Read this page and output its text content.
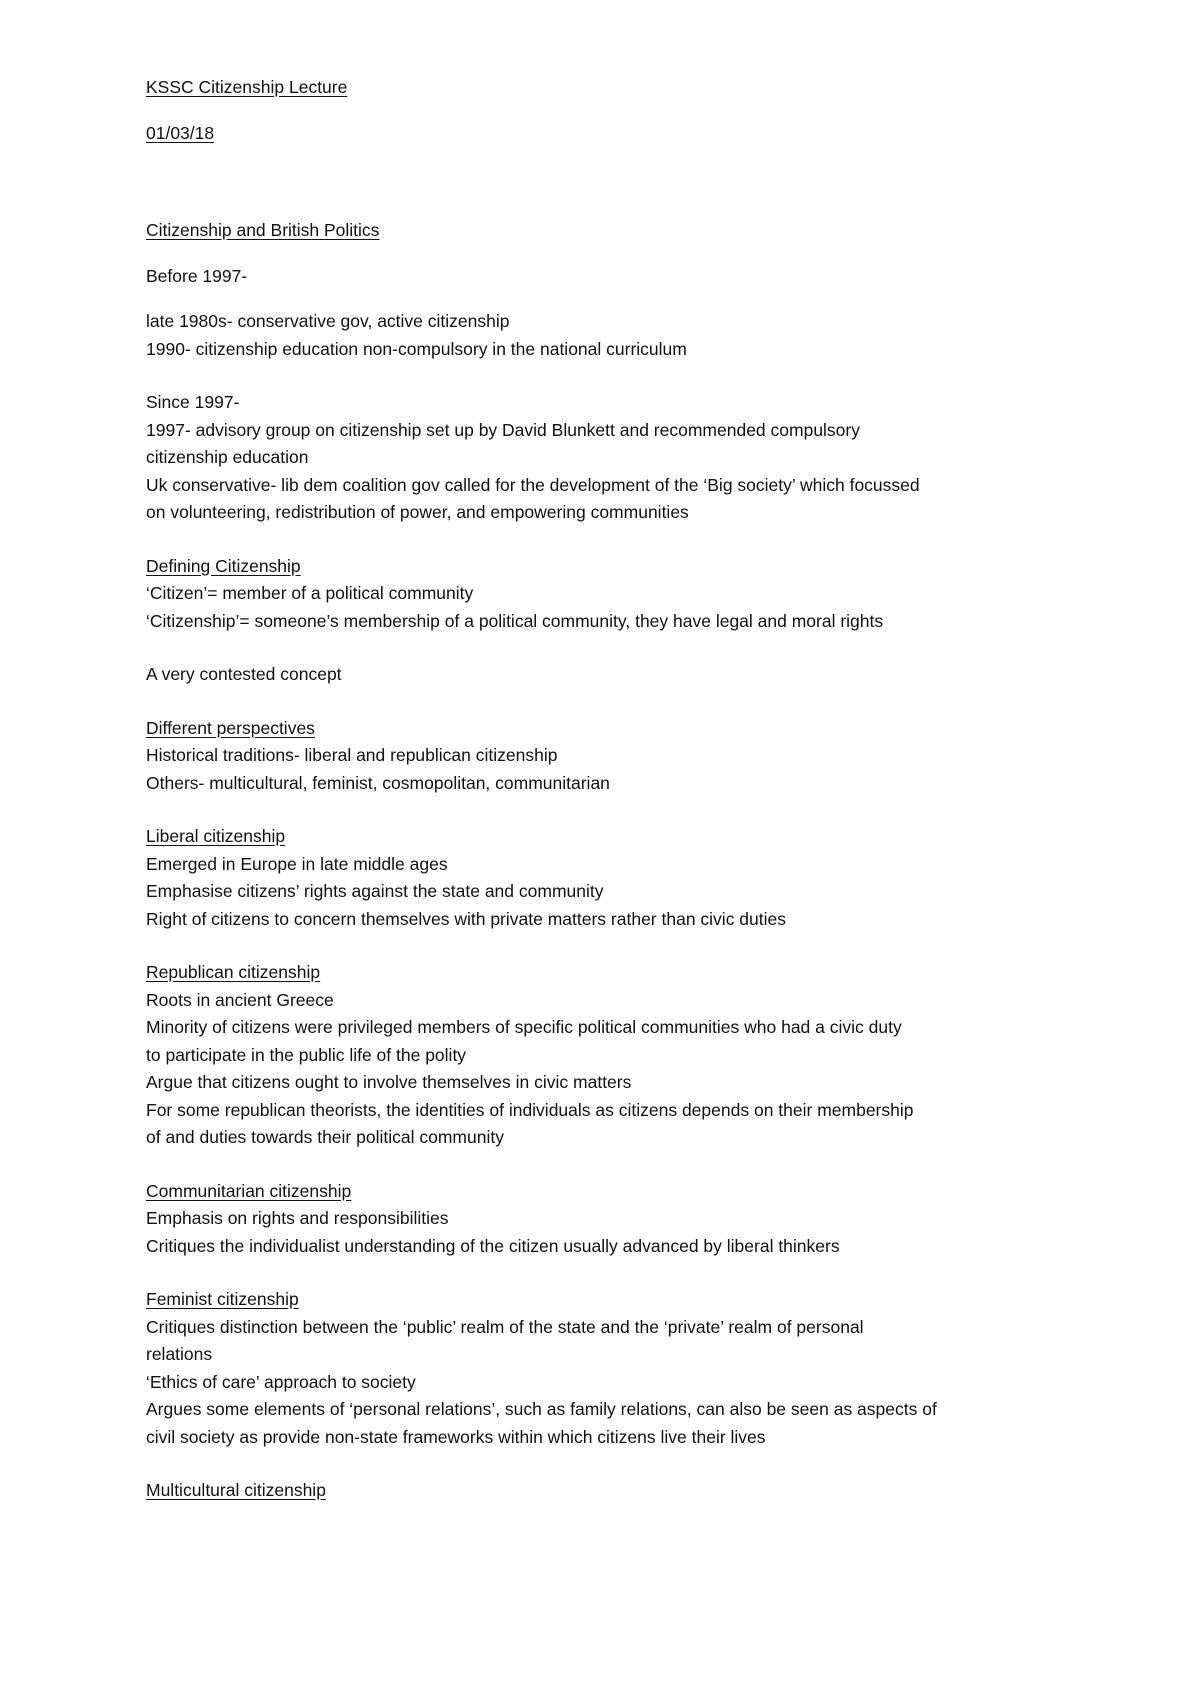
KSSC Citizenship Lecture
01/03/18
Citizenship and British Politics
Before 1997-
late 1980s- conservative gov, active citizenship
1990- citizenship education non-compulsory in the national curriculum
Since 1997-
1997- advisory group on citizenship set up by David Blunkett and recommended compulsory
citizenship education
Uk conservative- lib dem coalition gov called for the development of the ‘Big society’ which focussed
on volunteering, redistribution of power, and empowering communities
Defining Citizenship
‘Citizen’= member of a political community
‘Citizenship’= someone’s membership of a political community, they have legal and moral rights
A very contested concept
Different perspectives
Historical traditions- liberal and republican citizenship
Others- multicultural, feminist, cosmopolitan, communitarian
Liberal citizenship
Emerged in Europe in late middle ages
Emphasise citizens’ rights against the state and community
Right of citizens to concern themselves with private matters rather than civic duties
Republican citizenship
Roots in ancient Greece
Minority of citizens were privileged members of specific political communities who had a civic duty
to participate in the public life of the polity
Argue that citizens ought to involve themselves in civic matters
For some republican theorists, the identities of individuals as citizens depends on their membership
of and duties towards their political community
Communitarian citizenship
Emphasis on rights and responsibilities
Critiques the individualist understanding of the citizen usually advanced by liberal thinkers
Feminist citizenship
Critiques distinction between the ‘public’ realm of the state and the ‘private’ realm of personal
relations
‘Ethics of care’ approach to society
Argues some elements of ‘personal relations’, such as family relations, can also be seen as aspects of
civil society as provide non-state frameworks within which citizens live their lives
Multicultural citizenship
